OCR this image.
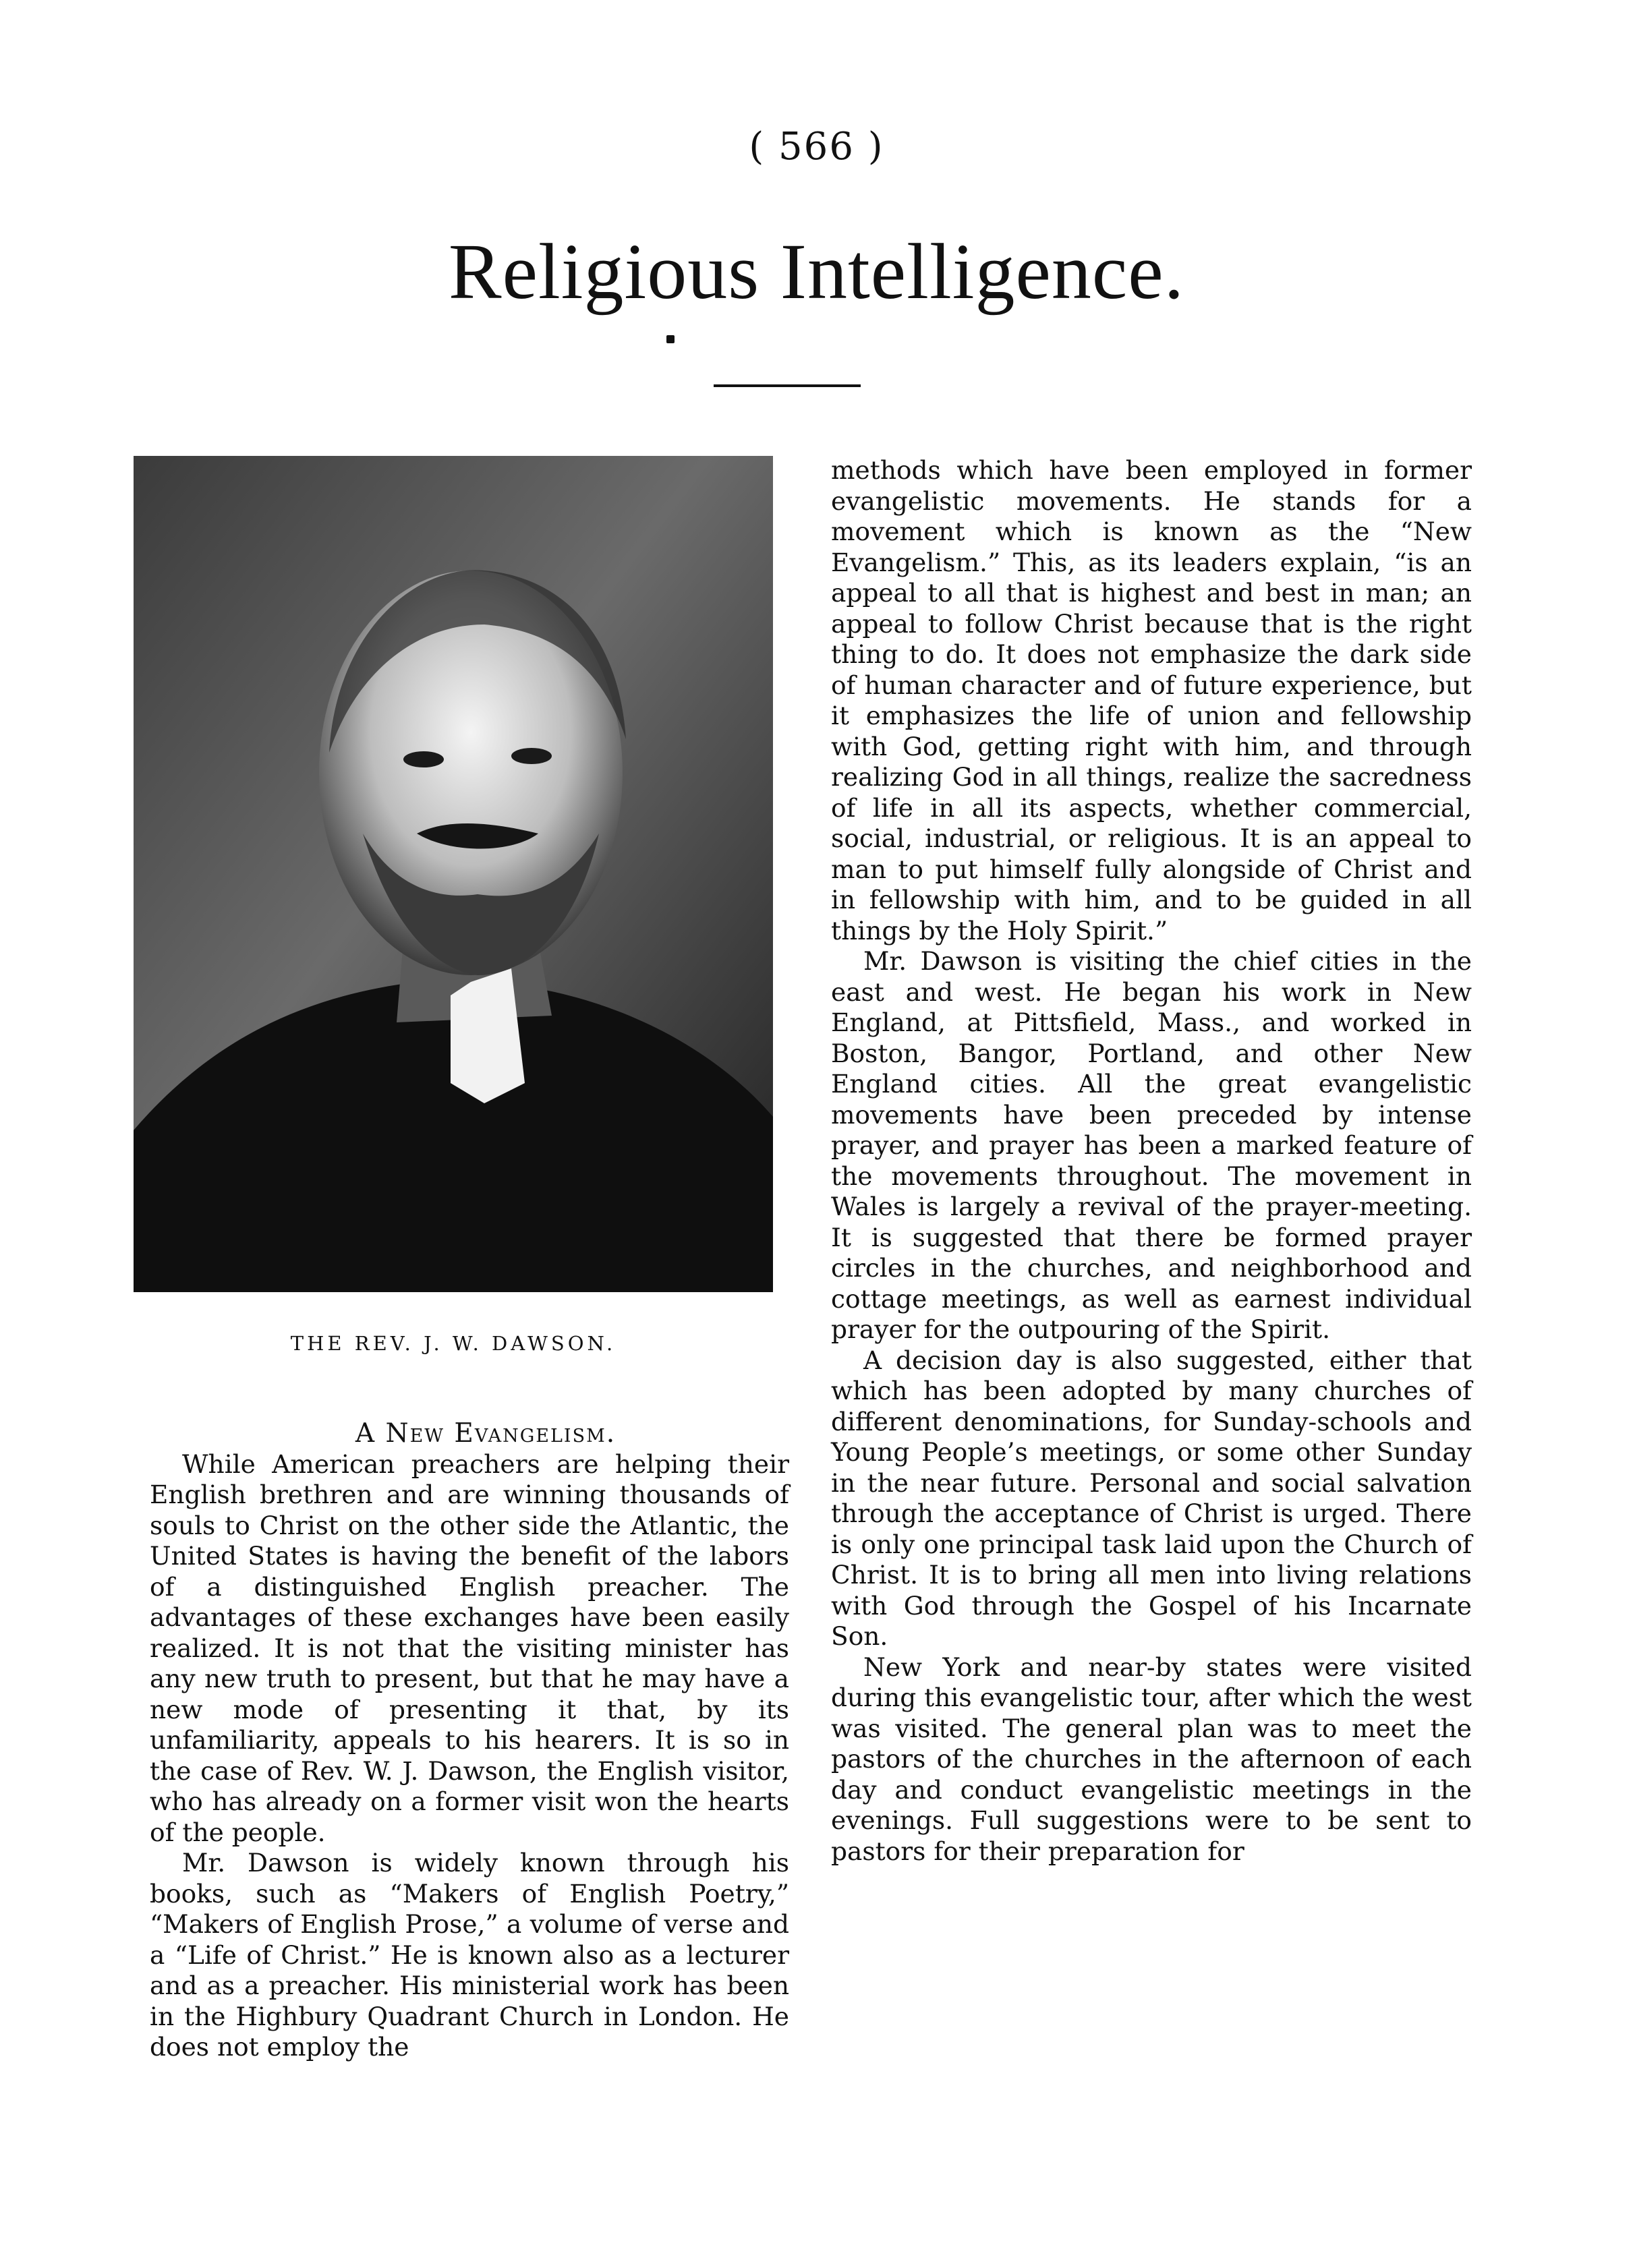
( 566 )
Religious Intelligence.
THE REV. J. W. DAWSON.

A New Evangelism.

While American preachers are helping their English brethren and are winning thousands of souls to Christ on the other side the Atlantic, the United States is having the benefit of the labors of a distinguished English preacher. The advantages of these exchanges have been easily realized. It is not that the visiting minister has any new truth to present, but that he may have a new mode of presenting it that, by its unfamiliarity, appeals to his hearers. It is so in the case of Rev. W. J. Dawson, the English visitor, who has already on a former visit won the hearts of the people.

Mr. Dawson is widely known through his books, such as “Makers of English Poetry,” “Makers of English Prose,” a volume of verse and a “Life of Christ.” He is known also as a lecturer and as a preacher. His ministerial work has been in the Highbury Quadrant Church in London. He does not employ the

methods which have been employed in former evangelistic movements. He stands for a movement which is known as the “New Evangelism.” This, as its leaders explain, “is an appeal to all that is highest and best in man; an appeal to follow Christ because that is the right thing to do. It does not emphasize the dark side of human character and of future experience, but it emphasizes the life of union and fellowship with God, getting right with him, and through realizing God in all things, realize the sacredness of life in all its aspects, whether commercial, social, industrial, or religious. It is an appeal to man to put himself fully alongside of Christ and in fellowship with him, and to be guided in all things by the Holy Spirit.”

Mr. Dawson is visiting the chief cities in the east and west. He began his work in New England, at Pittsfield, Mass., and worked in Boston, Bangor, Portland, and other New England cities. All the great evangelistic movements have been preceded by intense prayer, and prayer has been a marked feature of the movements throughout. The movement in Wales is largely a revival of the prayer-meeting. It is suggested that there be formed prayer circles in the churches, and neighborhood and cottage meetings, as well as earnest individual prayer for the outpouring of the Spirit.

A decision day is also suggested, either that which has been adopted by many churches of different denominations, for Sunday-schools and Young People’s meetings, or some other Sunday in the near future. Personal and social salvation through the acceptance of Christ is urged. There is only one principal task laid upon the Church of Christ. It is to bring all men into living relations with God through the Gospel of his Incarnate Son.

New York and near-by states were visited during this evangelistic tour, after which the west was visited. The general plan was to meet the pastors of the churches in the afternoon of each day and conduct evangelistic meetings in the evenings. Full suggestions were to be sent to pastors for their preparation for
